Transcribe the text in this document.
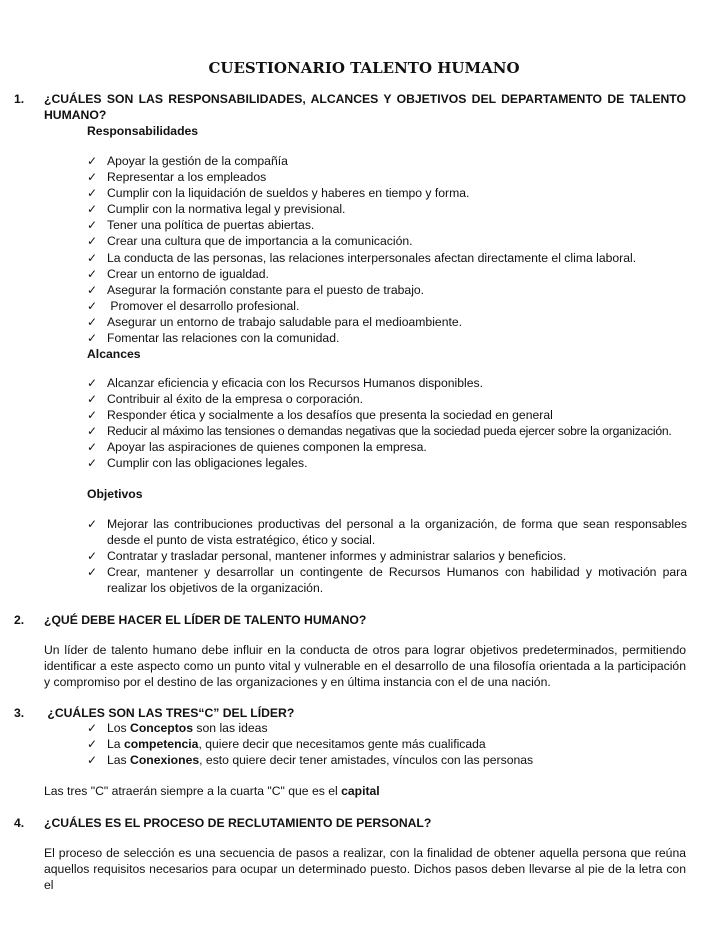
CUESTIONARIO TALENTO HUMANO
1.	¿CUÁLES SON LAS RESPONSABILIDADES, ALCANCES Y OBJETIVOS DEL DEPARTAMENTO DE TALENTO HUMANO?
Responsabilidades
✓ Apoyar la gestión de la compañía
✓ Representar a los empleados
✓ Cumplir con la liquidación de sueldos y haberes en tiempo y forma.
✓ Cumplir con la normativa legal y previsional.
✓ Tener una política de puertas abiertas.
✓ Crear una cultura que de importancia a la comunicación.
✓ La conducta de las personas, las relaciones interpersonales afectan directamente el clima laboral.
✓ Crear un entorno de igualdad.
✓ Asegurar la formación constante para el puesto de trabajo.
✓ Promover el desarrollo profesional.
✓ Asegurar un entorno de trabajo saludable para el medioambiente.
✓ Fomentar las relaciones con la comunidad.
Alcances
✓ Alcanzar eficiencia y eficacia con los Recursos Humanos disponibles.
✓ Contribuir al éxito de la empresa o corporación.
✓ Responder ética y socialmente a los desafíos que presenta la sociedad en general
✓ Reducir al máximo las tensiones o demandas negativas que la sociedad pueda ejercer sobre la organización.
✓ Apoyar las aspiraciones de quienes componen la empresa.
✓ Cumplir con las obligaciones legales.
Objetivos
✓ Mejorar las contribuciones productivas del personal a la organización, de forma que sean responsables desde el punto de vista estratégico, ético y social.
✓ Contratar y trasladar personal, mantener informes y administrar salarios y beneficios.
✓ Crear, mantener y desarrollar un contingente de Recursos Humanos con habilidad y motivación para realizar los objetivos de la organización.
2.	¿QUÉ DEBE HACER EL LÍDER DE TALENTO HUMANO?
Un líder de talento humano debe influir en la conducta de otros para lograr objetivos predeterminados, permitiendo identificar a este aspecto como un punto vital y vulnerable en el desarrollo de una filosofía orientada a la participación y compromiso por el destino de las organizaciones y en última instancia con el de una nación.
3.	¿CUÁLES SON LAS TRES“C” DEL LÍDER?
✓ Los Conceptos son las ideas
✓ La competencia, quiere decir que necesitamos gente más cualificada
✓ Las Conexiones, esto quiere decir tener amistades, vínculos con las personas
Las tres "C" atraerán siempre a la cuarta "C" que es el capital
4.	¿CUÁLES ES EL PROCESO DE RECLUTAMIENTO DE PERSONAL?
El proceso de selección es una secuencia de pasos a realizar, con la finalidad de obtener aquella persona que reúna aquellos requisitos necesarios para ocupar un determinado puesto. Dichos pasos deben llevarse al pie de la letra con el
